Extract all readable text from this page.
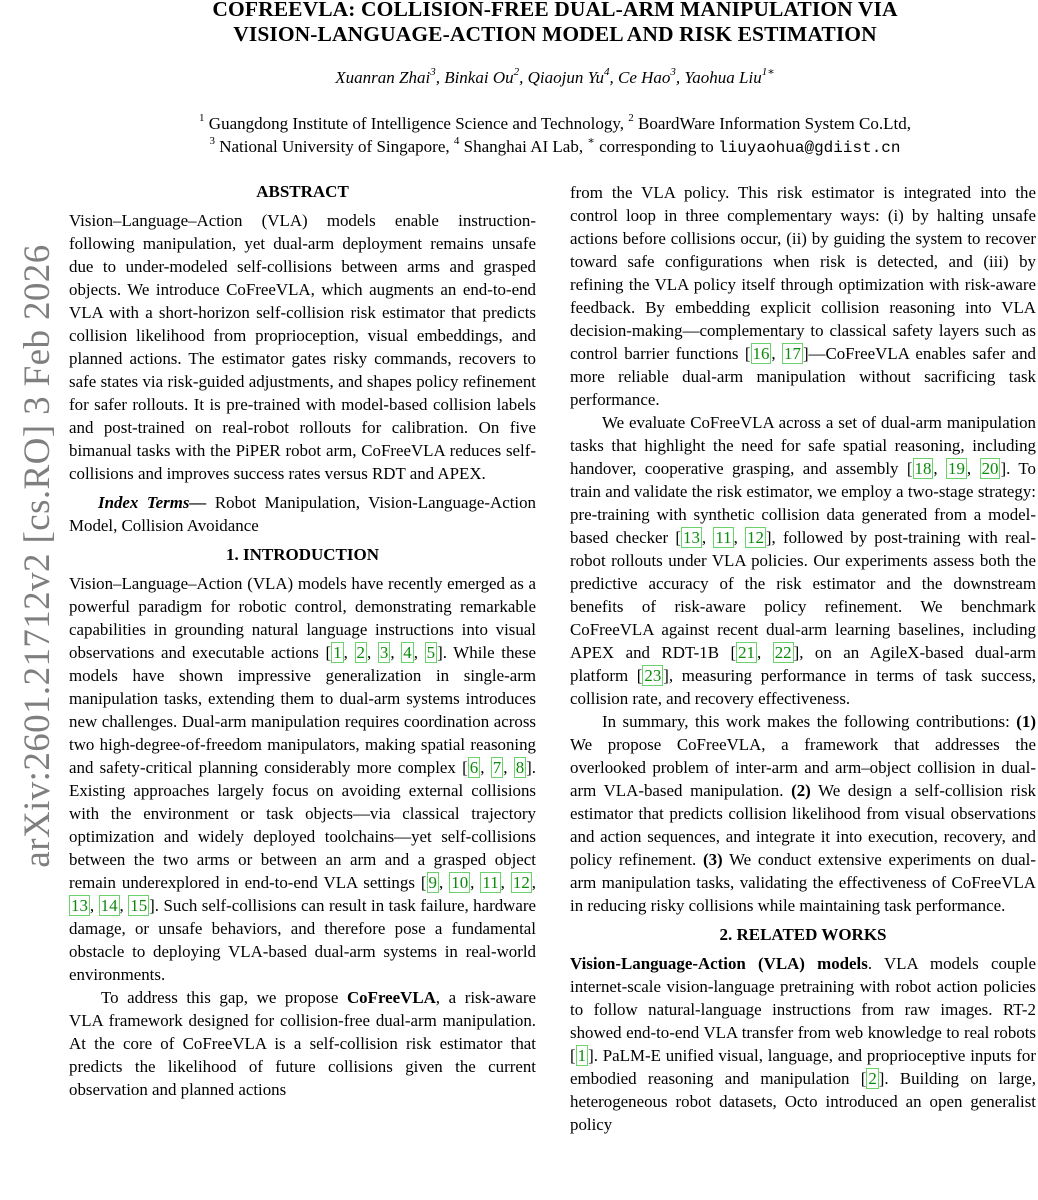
arXiv:2601.21712v2 [cs.RO] 3 Feb 2026
COFREEVLA: COLLISION-FREE DUAL-ARM MANIPULATION VIA
VISION-LANGUAGE-ACTION MODEL AND RISK ESTIMATION
Xuanran Zhai$^3$, Binkai Ou$^2$, Qiaojun Yu$^4$, Ce Hao$^3$, Yaohua Liu$^{1∗}$
$^1$ Guangdong Institute of Intelligence Science and Technology, $^2$ BoardWare Information System Co.Ltd,
$^3$ National University of Singapore, $^4$ Shanghai AI Lab, ∗ corresponding to liuyaohua@gdiist.cn
ABSTRACT

Vision–Language–Action (VLA) models enable instruction-following manipulation, yet dual-arm deployment remains unsafe due to under-modeled self-collisions between arms and grasped objects. We introduce CoFreeVLA, which augments an end-to-end VLA with a short-horizon self-collision risk estimator that predicts collision likelihood from proprioception, visual embeddings, and planned actions. The estimator gates risky commands, recovers to safe states via risk-guided adjustments, and shapes policy refinement for safer rollouts. It is pre-trained with model-based collision labels and post-trained on real-robot rollouts for calibration. On five bimanual tasks with the PiPER robot arm, CoFreeVLA reduces self-collisions and improves success rates versus RDT and APEX.

Index Terms— Robot Manipulation, Vision-Language-Action Model, Collision Avoidance

1. INTRODUCTION

Vision–Language–Action (VLA) models have recently emerged as a powerful paradigm for robotic control, demonstrating remarkable capabilities in grounding natural language instructions into visual observations and executable actions [ 1 , 2 , 3 , 4 , 5 ]. While these models have shown impressive generalization in single-arm manipulation tasks, extending them to dual-arm systems introduces new challenges. Dual-arm manipulation requires coordination across two high-degree-of-freedom manipulators, making spatial reasoning and safety-critical planning considerably more complex [ 6 , 7 , 8 ]. Existing approaches largely focus on avoiding external collisions with the environment or task objects—via classical trajectory optimization and widely deployed toolchains—yet self-collisions between the two arms or between an arm and a grasped object remain underexplored in end-to-end VLA settings [ 9 , 10 , 11 , 12 , 13 , 14 , 15 ]. Such self-collisions can result in task failure, hardware damage, or unsafe behaviors, and therefore pose a fundamental obstacle to deploying VLA-based dual-arm systems in real-world environments.

To address this gap, we propose CoFreeVLA, a risk-aware VLA framework designed for collision-free dual-arm manipulation. At the core of CoFreeVLA is a self-collision risk estimator that predicts the likelihood of future collisions given the current observation and planned actions

from the VLA policy. This risk estimator is integrated into the control loop in three complementary ways: (i) by halting unsafe actions before collisions occur, (ii) by guiding the system to recover toward safe configurations when risk is detected, and (iii) by refining the VLA policy itself through optimization with risk-aware feedback. By embedding explicit collision reasoning into VLA decision-making—complementary to classical safety layers such as control barrier functions [ 16 , 17 ]—CoFreeVLA enables safer and more reliable dual-arm manipulation without sacrificing task performance.

We evaluate CoFreeVLA across a set of dual-arm manipulation tasks that highlight the need for safe spatial reasoning, including handover, cooperative grasping, and assembly [ 18 , 19 , 20 ]. To train and validate the risk estimator, we employ a two-stage strategy: pre-training with synthetic collision data generated from a model-based checker [ 13 , 11 , 12 ], followed by post-training with real-robot rollouts under VLA policies. Our experiments assess both the predictive accuracy of the risk estimator and the downstream benefits of risk-aware policy refinement. We benchmark CoFreeVLA against recent dual-arm learning baselines, including APEX and RDT-1B [ 21 , 22 ], on an AgileX-based dual-arm platform [ 23 ], measuring performance in terms of task success, collision rate, and recovery effectiveness.

In summary, this work makes the following contributions: (1) We propose CoFreeVLA, a framework that addresses the overlooked problem of inter-arm and arm–object collision in dual-arm VLA-based manipulation. (2) We design a self-collision risk estimator that predicts collision likelihood from visual observations and action sequences, and integrate it into execution, recovery, and policy refinement. (3) We conduct extensive experiments on dual-arm manipulation tasks, validating the effectiveness of CoFreeVLA in reducing risky collisions while maintaining task performance.

2. RELATED WORKS

Vision-Language-Action (VLA) models. VLA models couple internet-scale vision-language pretraining with robot action policies to follow natural-language instructions from raw images. RT-2 showed end-to-end VLA transfer from web knowledge to real robots [ 1 ]. PaLM-E unified visual, language, and proprioceptive inputs for embodied reasoning and manipulation [ 2 ]. Building on large, heterogeneous robot datasets, Octo introduced an open generalist policy
